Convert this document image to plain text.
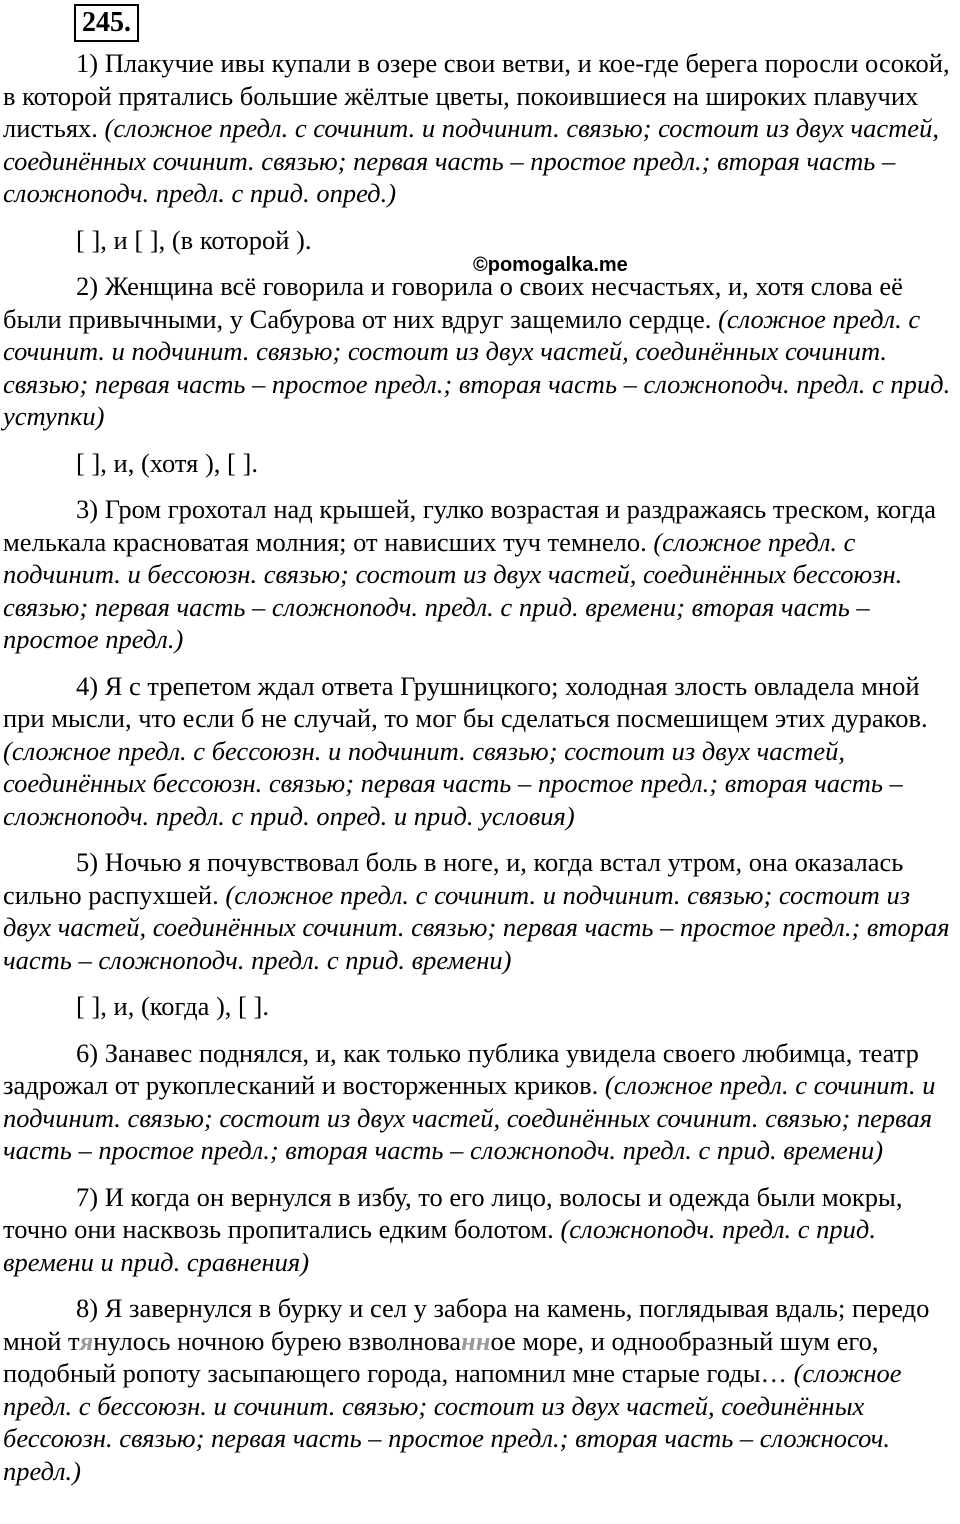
245.
©pomogalka.me

1) Плакучие ивы купали в озере свои ветви, и кое-где берега поросли осокой, в которой прятались большие жёлтые цветы, покоившиеся на широких плавучих листьях. (сложное предл. с сочинит. и подчинит. связью; состоит из двух частей, соединённых сочинит. связью; первая часть – простое предл.; вторая часть – сложноподч. предл. с прид. опред.)

[ ], и [ ], (в которой ).

2) Женщина всё говорила и говорила о своих несчастьях, и, хотя слова её были привычными, у Сабурова от них вдруг защемило сердце. (сложное предл. с сочинит. и подчинит. связью; состоит из двух частей, соединённых сочинит. связью; первая часть – простое предл.; вторая часть – сложноподч. предл. с прид. уступки)

[ ], и, (хотя ), [ ].

3) Гром грохотал над крышей, гулко возрастая и раздражаясь треском, когда мелькала красноватая молния; от нависших туч темнело. (сложное предл. с подчинит. и бессоюзн. связью; состоит из двух частей, соединённых бессоюзн. связью; первая часть – сложноподч. предл. с прид. времени; вторая часть – простое предл.)

4) Я с трепетом ждал ответа Грушницкого; холодная злость овладела мной при мысли, что если б не случай, то мог бы сделаться посмешищем этих дураков. (сложное предл. с бессоюзн. и подчинит. связью; состоит из двух частей, соединённых бессоюзн. связью; первая часть – простое предл.; вторая часть – сложноподч. предл. с прид. опред. и прид. условия)

5) Ночью я почувствовал боль в ноге, и, когда встал утром, она оказалась сильно распухшей. (сложное предл. с сочинит. и подчинит. связью; состоит из двух частей, соединённых сочинит. связью; первая часть – простое предл.; вторая часть – сложноподч. предл. с прид. времени)

[ ], и, (когда ), [ ].

6) Занавес поднялся, и, как только публика увидела своего любимца, театр задрожал от рукоплесканий и восторженных криков. (сложное предл. с сочинит. и подчинит. связью; состоит из двух частей, соединённых сочинит. связью; первая часть – простое предл.; вторая часть – сложноподч. предл. с прид. времени)

7) И когда он вернулся в избу, то его лицо, волосы и одежда были мокры, точно они насквозь пропитались едким болотом. (сложноподч. предл. с прид. времени и прид. сравнения)

8) Я завернулся в бурку и сел у забора на камень, поглядывая вдаль; передо мной тянулось ночною бурею взволнованное море, и однообразный шум его, подобный ропоту засыпающего города, напомнил мне старые годы… (сложное предл. с бессоюзн. и сочинит. связью; состоит из двух частей, соединённых бессоюзн. связью; первая часть – простое предл.; вторая часть – сложносоч. предл.)
